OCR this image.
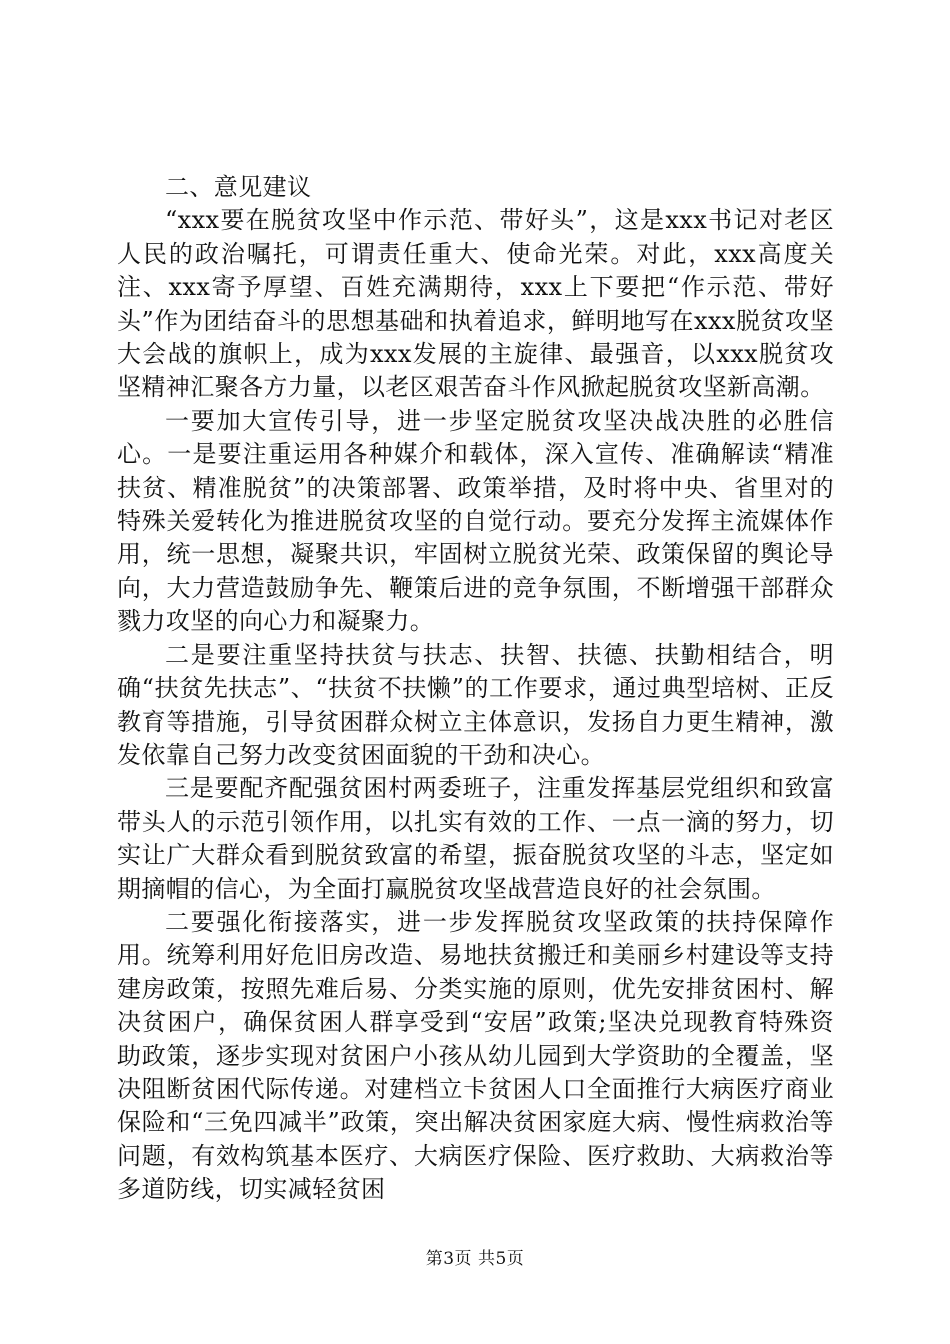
二、意见建议

“xxx要在脱贫攻坚中作示范、带好头”，这是xxx书记对老区人民的政治嘱托，可谓责任重大、使命光荣。对此，xxx高度关注、xxx寄予厚望、百姓充满期待，xxx上下要把“作示范、带好头”作为团结奋斗的思想基础和执着追求，鲜明地写在xxx脱贫攻坚大会战的旗帜上，成为xxx发展的主旋律、最强音，以xxx脱贫攻坚精神汇聚各方力量，以老区艰苦奋斗作风掀起脱贫攻坚新高潮。

一要加大宣传引导，进一步坚定脱贫攻坚决战决胜的必胜信心。一是要注重运用各种媒介和载体，深入宣传、准确解读“精准扶贫、精准脱贫”的决策部署、政策举措，及时将中央、省里对的特殊关爱转化为推进脱贫攻坚的自觉行动。要充分发挥主流媒体作用，统一思想，凝聚共识，牢固树立脱贫光荣、政策保留的舆论导向，大力营造鼓励争先、鞭策后进的竞争氛围，不断增强干部群众戮力攻坚的向心力和凝聚力。

二是要注重坚持扶贫与扶志、扶智、扶德、扶勤相结合，明确“扶贫先扶志”、“扶贫不扶懒”的工作要求，通过典型培树、正反教育等措施，引导贫困群众树立主体意识，发扬自力更生精神，激发依靠自己努力改变贫困面貌的干劲和决心。

三是要配齐配强贫困村两委班子，注重发挥基层党组织和致富带头人的示范引领作用，以扎实有效的工作、一点一滴的努力，切实让广大群众看到脱贫致富的希望，振奋脱贫攻坚的斗志，坚定如期摘帽的信心，为全面打赢脱贫攻坚战营造良好的社会氛围。

二要强化衔接落实，进一步发挥脱贫攻坚政策的扶持保障作用。统筹利用好危旧房改造、易地扶贫搬迁和美丽乡村建设等支持建房政策，按照先难后易、分类实施的原则，优先安排贫困村、解决贫困户，确保贫困人群享受到“安居”政策;坚决兑现教育特殊资助政策，逐步实现对贫困户小孩从幼儿园到大学资助的全覆盖，坚决阻断贫困代际传递。对建档立卡贫困人口全面推行大病医疗商业保险和“三免四减半”政策，突出解决贫困家庭大病、慢性病救治等问题，有效构筑基本医疗、大病医疗保险、医疗救助、大病救治等多道防线，切实减轻贫困

第3页 共5页
